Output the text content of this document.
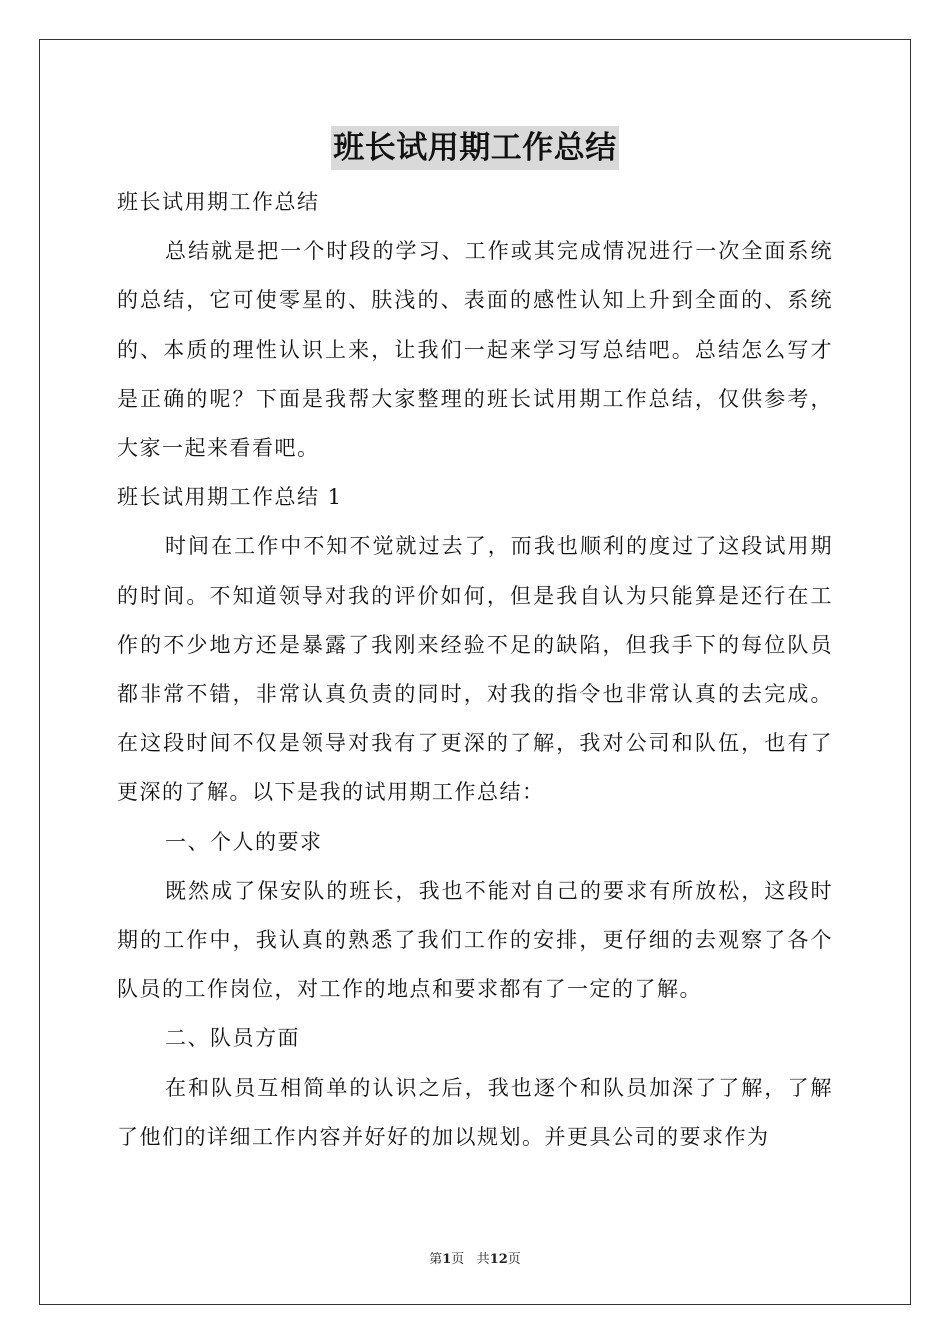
班长试用期工作总结

班长试用期工作总结

总结就是把一个时段的学习、工作或其完成情况进行一次全面系统的总结，它可使零星的、肤浅的、表面的感性认知上升到全面的、系统的、本质的理性认识上来，让我们一起来学习写总结吧。总结怎么写才是正确的呢？下面是我帮大家整理的班长试用期工作总结，仅供参考，大家一起来看看吧。

班长试用期工作总结 1

时间在工作中不知不觉就过去了，而我也顺利的度过了这段试用期的时间。不知道领导对我的评价如何，但是我自认为只能算是还行在工作的不少地方还是暴露了我刚来经验不足的缺陷，但我手下的每位队员都非常不错，非常认真负责的同时，对我的指令也非常认真的去完成。在这段时间不仅是领导对我有了更深的了解，我对公司和队伍，也有了更深的了解。以下是我的试用期工作总结：

一、个人的要求

既然成了保安队的班长，我也不能对自己的要求有所放松，这段时期的工作中，我认真的熟悉了我们工作的安排，更仔细的去观察了各个队员的工作岗位，对工作的地点和要求都有了一定的了解。

二、队员方面

在和队员互相简单的认识之后，我也逐个和队员加深了了解，了解了他们的详细工作内容并好好的加以规划。并更具公司的要求作为

第1页 共12页
